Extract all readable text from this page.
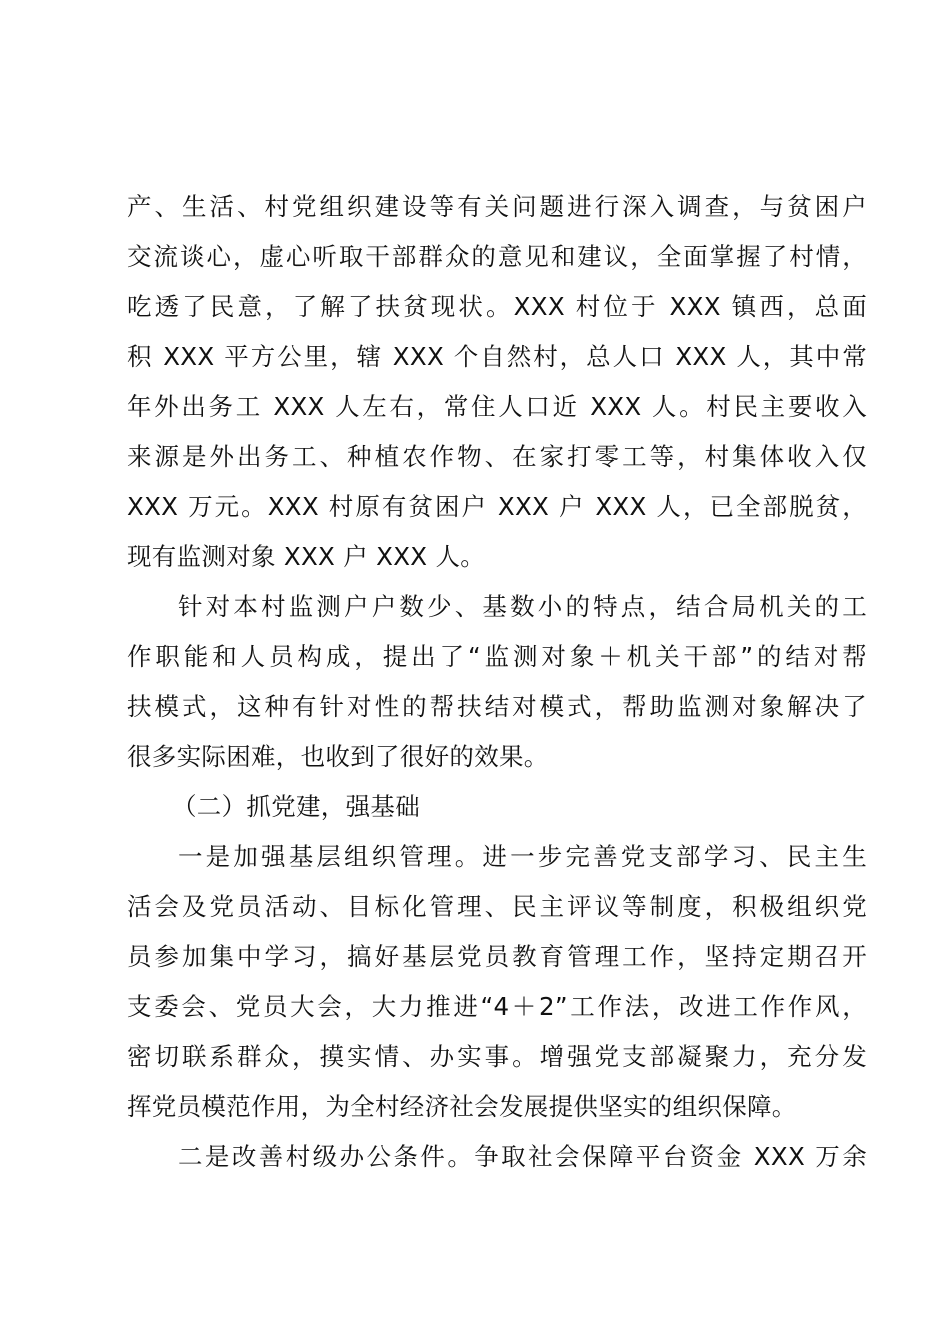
产、生活、村党组织建设等有关问题进行深入调查，与贫困户
交流谈心，虚心听取干部群众的意见和建议，全面掌握了村情，
吃透了民意，了解了扶贫现状。XXX 村位于 XXX 镇西，总面
积 XXX 平方公里，辖 XXX 个自然村，总人口 XXX 人，其中常
年外出务工 XXX 人左右，常住人口近 XXX 人。村民主要收入
来源是外出务工、种植农作物、在家打零工等，村集体收入仅
XXX 万元。XXX 村原有贫困户 XXX 户 XXX 人，已全部脱贫，
现有监测对象 XXX 户 XXX 人。
针对本村监测户户数少、基数小的特点，结合局机关的工
作职能和人员构成，提出了“监测对象＋机关干部”的结对帮
扶模式，这种有针对性的帮扶结对模式，帮助监测对象解决了
很多实际困难，也收到了很好的效果。
（二）抓党建，强基础
一是加强基层组织管理。进一步完善党支部学习、民主生
活会及党员活动、目标化管理、民主评议等制度，积极组织党
员参加集中学习，搞好基层党员教育管理工作，坚持定期召开
支委会、党员大会，大力推进“4＋2”工作法，改进工作作风，
密切联系群众，摸实情、办实事。增强党支部凝聚力，充分发
挥党员模范作用，为全村经济社会发展提供坚实的组织保障。
二是改善村级办公条件。争取社会保障平台资金 XXX 万余
